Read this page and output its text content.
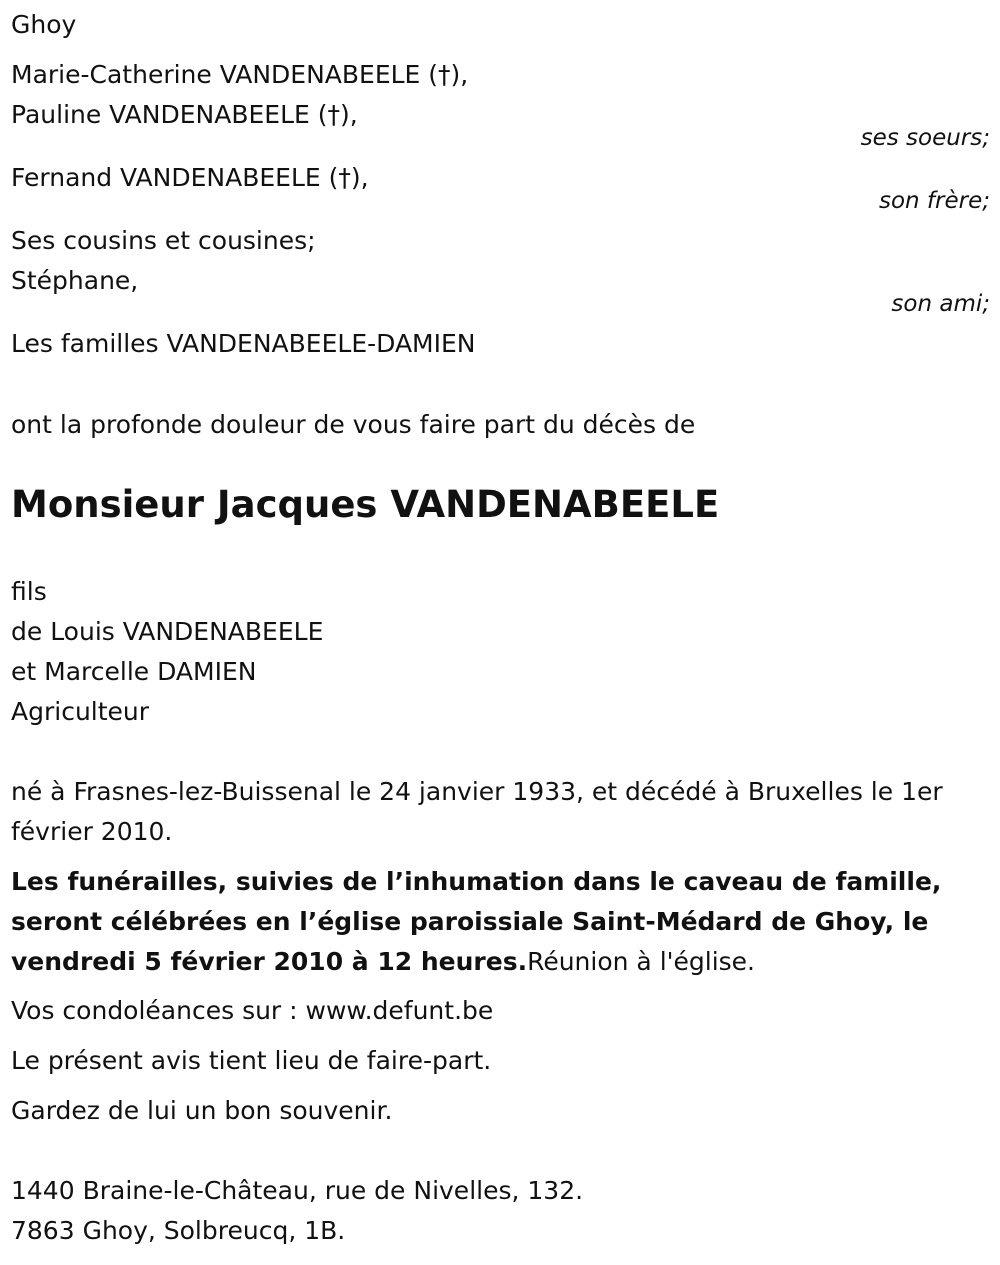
Ghoy
Marie-Catherine VANDENABEELE (†),
Pauline VANDENABEELE (†),
ses soeurs;
Fernand VANDENABEELE (†),
son frère;
Ses cousins et cousines;
Stéphane,
son ami;
Les familles VANDENABEELE-DAMIEN
ont la profonde douleur de vous faire part du décès de
Monsieur Jacques VANDENABEELE
fils
de Louis VANDENABEELE
et Marcelle DAMIEN
Agriculteur
né à Frasnes-lez-Buissenal le 24 janvier 1933, et décédé à Bruxelles le 1er février 2010.
Les funérailles, suivies de l’inhumation dans le caveau de famille, seront célébrées en l’église paroissiale Saint-Médard de Ghoy, le vendredi 5 février 2010 à 12 heures.Réunion à l'église.
Vos condoléances sur : www.defunt.be
Le présent avis tient lieu de faire-part.
Gardez de lui un bon souvenir.
1440 Braine-le-Château, rue de Nivelles, 132.
7863 Ghoy, Solbreucq, 1B.
